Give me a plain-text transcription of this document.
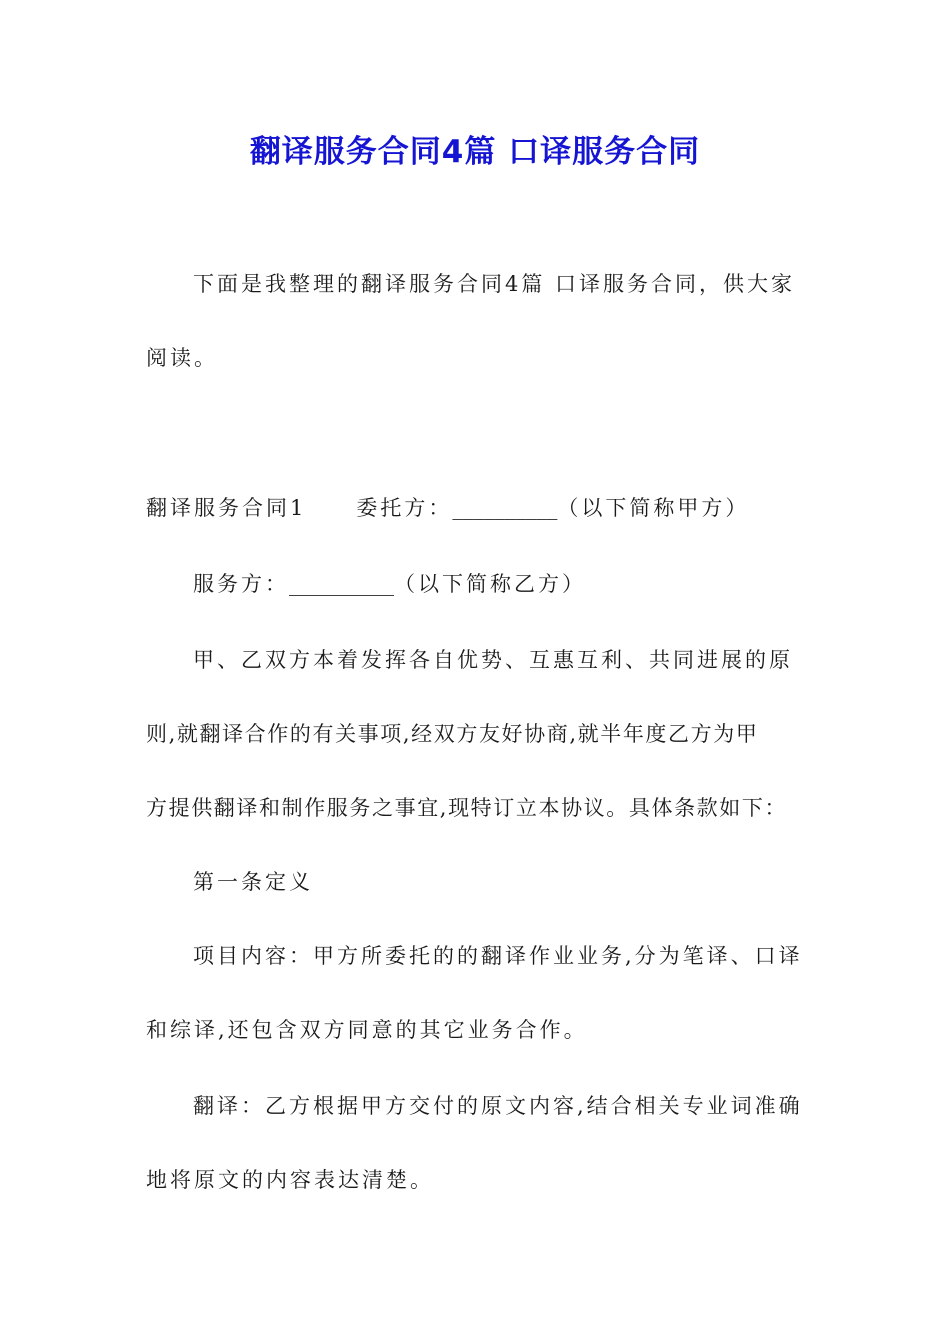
翻译服务合同4篇 口译服务合同

下面是我整理的翻译服务合同4篇 口译服务合同，供大家

阅读。

翻译服务合同1 委托方：__________（以下简称甲方）

服务方：__________（以下简称乙方）

甲、乙双方本着发挥各自优势、互惠互利、共同进展的原

则,就翻译合作的有关事项,经双方友好协商,就半年度乙方为甲

方提供翻译和制作服务之事宜,现特订立本协议。具体条款如下：

第一条定义

项目内容：甲方所委托的的翻译作业业务,分为笔译、口译

和综译,还包含双方同意的其它业务合作。

翻译：乙方根据甲方交付的原文内容,结合相关专业词准确

地将原文的内容表达清楚。
